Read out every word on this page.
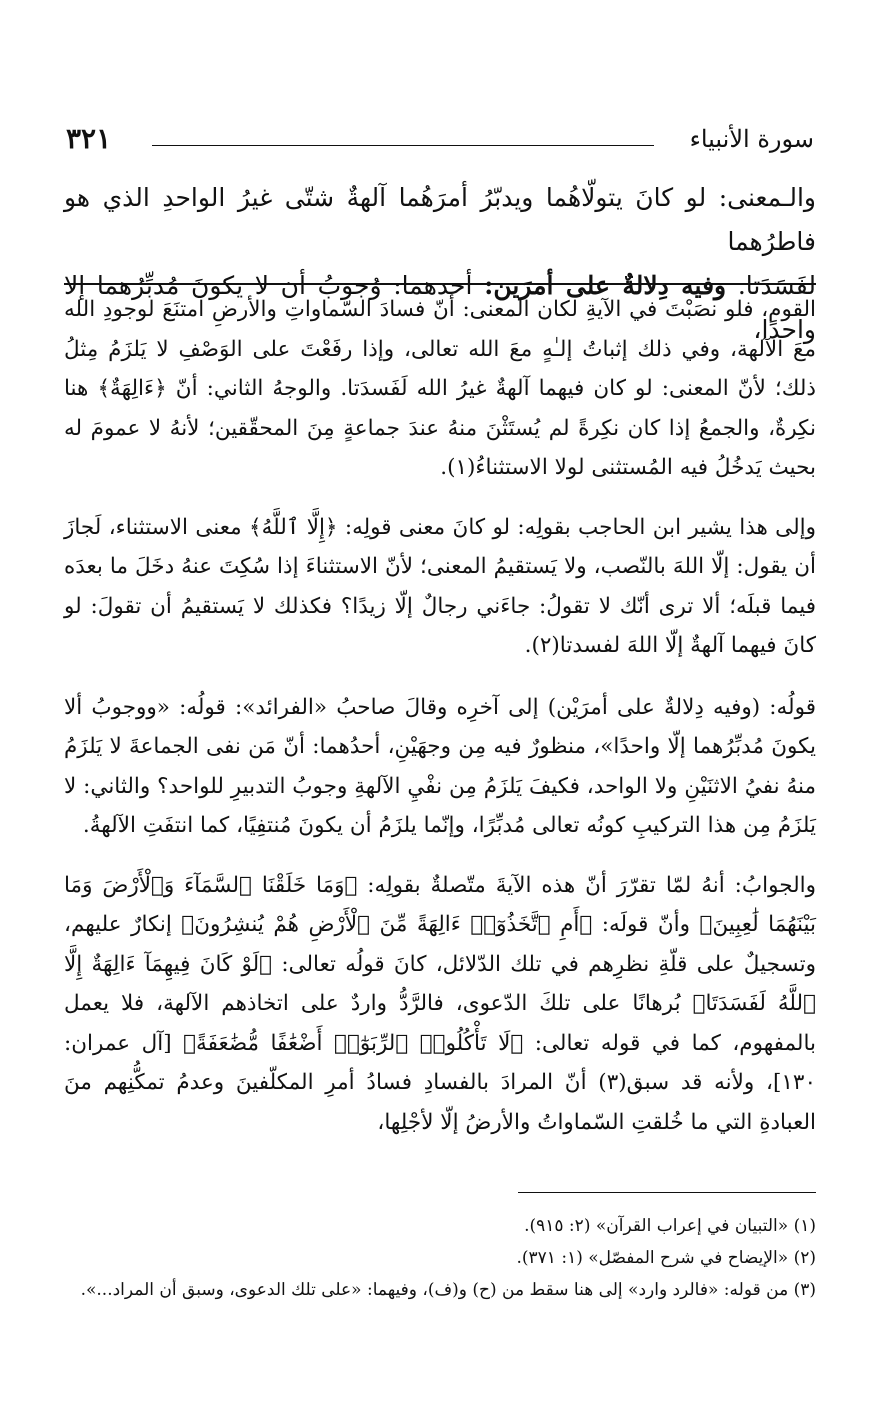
سورة الأنبياء
٣٢١
والـمعنى: لو كانَ يتولّاهُما ويدبّرُ أمرَهُما آلهةٌ شتّى غيرُ الواحدِ الذي هو فاطرُهما
لفَسَدَتا. وفيه دِلالةٌ على أمرَين: أحدهما: وُجوبُ أن لا يكونَ مُدبِّرُهما إلا واحدًا،

القوم، فلو نصَبْتَ في الآيةِ لكان المعنى: أنّ فسادَ السّماواتِ والأرضِ امتنَعَ لوجودِ الله معَ الآلهة، وفي ذلك إثباتُ إلـٰهٍ معَ الله تعالى، وإذا رفَعْتَ على الوَصْفِ لا يَلزَمُ مِثلُ ذلك؛ لأنّ المعنى: لو كان فيهما آلهةٌ غيرُ الله لَفَسدَتا. والوجهُ الثاني: أنّ ﴿ءَالِهَةٌ﴾ هنا نكِرةٌ، والجمعُ إذا كان نكِرةً لم يُستَثْنَ منهُ عندَ جماعةٍ مِنَ المحقّقين؛ لأنهُ لا عمومَ له بحيث يَدخُلُ فيه المُستثنى لولا الاستثناءُ(١).

وإلى هذا يشير ابن الحاجب بقولِه: لو كانَ معنى قولِه: ﴿إِلَّا ٱللَّهُ﴾ معنى الاستثناء، لَجازَ أن يقول: إلّا اللهَ بالنّصب، ولا يَستقيمُ المعنى؛ لأنّ الاستثناءَ إذا سُكِتَ عنهُ دخَلَ ما بعدَه فيما قبلَه؛ ألا ترى أنّك لا تقولُ: جاءَني رجالٌ إلّا زيدًا؟ فكذلك لا يَستقيمُ أن تقولَ: لو كانَ فيهما آلهةٌ إلّا اللهَ لفسدتا(٢).

قولُه: (وفيه دِلالةٌ على أمرَيْن) إلى آخرِه وقالَ صاحبُ «الفرائد»: قولُه: «ووجوبُ ألا يكونَ مُدبِّرُهما إلّا واحدًا»، منظورٌ فيه مِن وجهَيْنِ، أحدُهما: أنّ مَن نفى الجماعةَ لا يَلزَمُ منهُ نفيُ الاثنَيْنِ ولا الواحد، فكيفَ يَلزَمُ مِن نفْيِ الآلهةِ وجوبُ التدبيرِ للواحد؟ والثاني: لا يَلزَمُ مِن هذا التركيبِ كونُه تعالى مُدبِّرًا، وإنّما يلزَمُ أن يكونَ مُنتفِيًا، كما انتفَتِ الآلهةُ.

والجوابُ: أنهُ لمّا تقرّرَ أنّ هذه الآيةَ متّصلةٌ بقولِه: ﴿وَمَا خَلَقْنَا ٱلسَّمَآءَ وَٱلْأَرْضَ وَمَا بَيْنَهُمَا لَٰعِبِينَ﴾ وأنّ قولَه: ﴿أَمِ ٱتَّخَذُوٓا۟ ءَالِهَةً مِّنَ ٱلْأَرْضِ هُمْ يُنشِرُونَ﴾ إنكارٌ عليهم، وتسجيلٌ على قلّةِ نظرِهم في تلك الدّلائل، كانَ قولُه تعالى: ﴿لَوْ كَانَ فِيهِمَآ ءَالِهَةٌ إِلَّا ٱللَّهُ لَفَسَدَتَا﴾ بُرهانًا على تلكَ الدّعوى، فالرَّدُّ واردٌ على اتخاذهم الآلهة، فلا يعمل بالمفهوم، كما في قوله تعالى: ﴿لَا تَأْكُلُوا۟ ٱلرِّبَوٰٓا۟ أَضْعَٰفًا مُّضَٰعَفَةً﴾ [آل عمران: ١٣٠]، ولأنه قد سبق(٣) أنّ المرادَ بالفسادِ فسادُ أمرِ المكلّفينَ وعدمُ تمكُّنِهم منَ العبادةِ التي ما خُلقتِ السّماواتُ والأرضُ إلّا لأجْلِها،

(١) «التبيان في إعراب القرآن» (٢: ٩١٥).

(٢) «الإيضاح في شرح المفصّل» (١: ٣٧١).

(٣) من قوله: «فالرد وارد» إلى هنا سقط من (ح) و(ف)، وفيهما: «على تلك الدعوى، وسبق أن المراد...».
